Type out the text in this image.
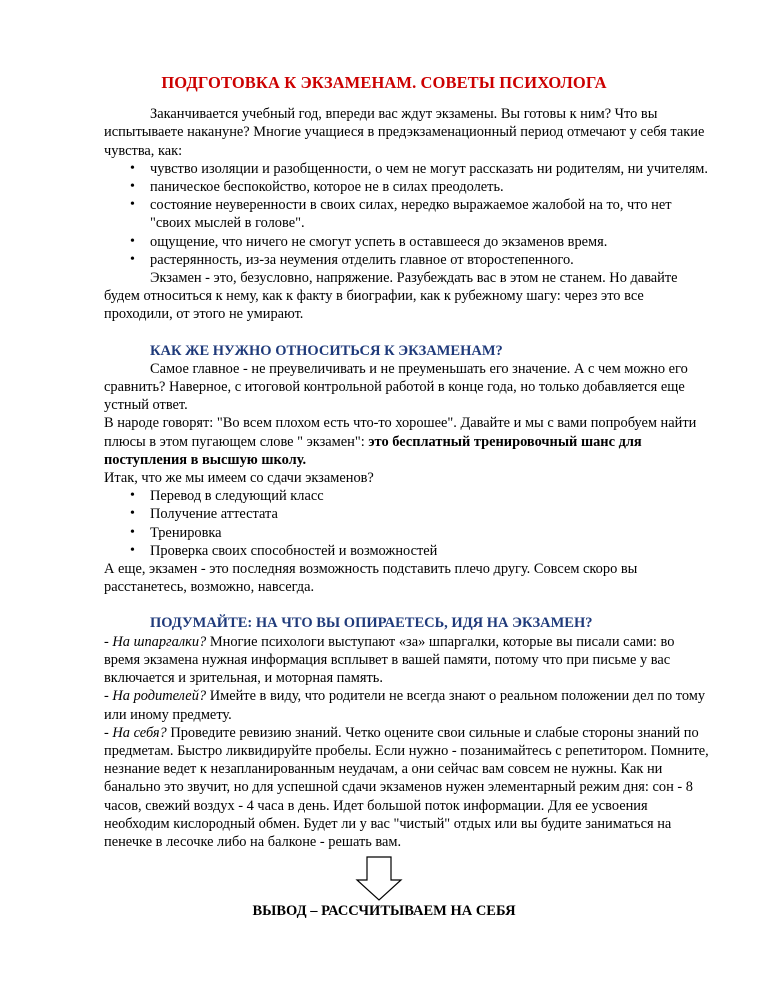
ПОДГОТОВКА К ЭКЗАМЕНАМ. СОВЕТЫ ПСИХОЛОГА

Заканчивается учебный год, впереди вас ждут экзамены. Вы готовы к ним? Что вы испытываете накануне? Многие учащиеся в предэкзаменационный период отмечают у себя такие чувства, как:

• чувство изоляции и разобщенности, о чем не могут рассказать ни родителям, ни учителям.
• паническое беспокойство, которое не в силах преодолеть.
• состояние неуверенности в своих силах, нередко выражаемое жалобой на то, что нет "своих мыслей в голове".
• ощущение, что ничего не смогут успеть в оставшееся до экзаменов время.
• растерянность, из-за неумения отделить главное от второстепенного.

Экзамен - это, безусловно, напряжение. Разубеждать вас в этом не станем. Но давайте будем относиться к нему, как к факту в биографии, как к рубежному шагу: через это все проходили, от этого не умирают.

КАК ЖЕ НУЖНО ОТНОСИТЬСЯ К ЭКЗАМЕНАМ?

Самое главное - не преувеличивать и не преуменьшать его значение. А с чем можно его сравнить? Наверное, с итоговой контрольной работой в конце года, но только добавляется еще устный ответ.

В народе говорят: "Во всем плохом есть что-то хорошее". Давайте и мы с вами попробуем найти плюсы в этом пугающем слове " экзамен": это бесплатный тренировочный шанс для поступления в высшую школу.

Итак, что же мы имеем со сдачи экзаменов?

• Перевод в следующий класс
• Получение аттестата
• Тренировка
• Проверка своих способностей и возможностей

А еще, экзамен - это последняя возможность подставить плечо другу. Совсем скоро вы расстанетесь, возможно, навсегда.

ПОДУМАЙТЕ: НА ЧТО ВЫ ОПИРАЕТЕСЬ, ИДЯ НА ЭКЗАМЕН?

- На шпаргалки? Многие психологи выступают «за» шпаргалки, которые вы писали сами: во время экзамена нужная информация всплывет в вашей памяти, потому что при письме у вас включается и зрительная, и моторная память.

- На родителей? Имейте в виду, что родители не всегда знают о реальном положении дел по тому или иному предмету.

- На себя? Проведите ревизию знаний. Четко оцените свои сильные и слабые стороны знаний по предметам. Быстро ликвидируйте пробелы. Если нужно - позанимайтесь с репетитором. Помните, незнание ведет к незапланированным неудачам, а они сейчас вам совсем не нужны. Как ни банально это звучит, но для успешной сдачи экзаменов нужен элементарный режим дня: сон - 8 часов, свежий воздух - 4 часа в день. Идет большой поток информации. Для ее усвоения необходим кислородный обмен. Будет ли у вас "чистый" отдых или вы будите заниматься на пенечке в лесочке либо на балконе - решать вам.

ВЫВОД – РАССЧИТЫВАЕМ НА СЕБЯ
